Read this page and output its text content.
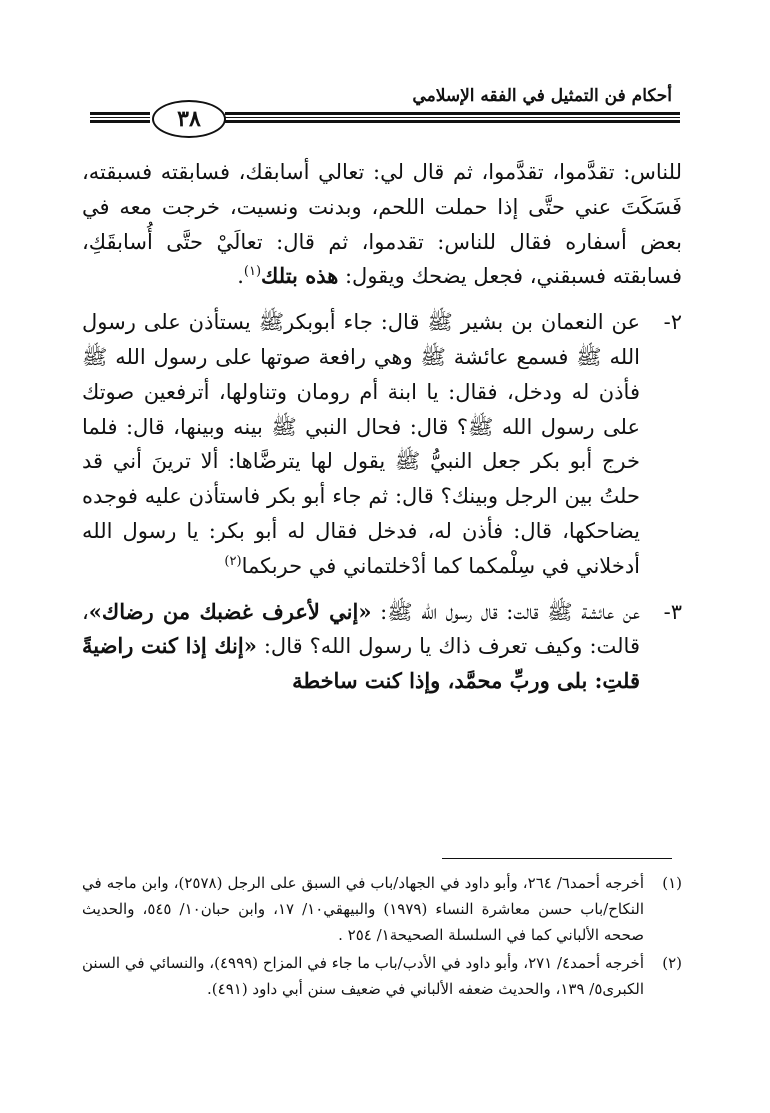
٣٨
أحكام فن التمثيل في الفقه الإسلامي

للناس: تقدَّموا، تقدَّموا، ثم قال لي: تعالي أسابقك، فسابقته فسبقته، فَسَكَتَ عني حتَّى إذا حملت اللحم، وبدنت ونسيت، خرجت معه في بعض أسفاره فقال للناس: تقدموا، ثم قال: تعالَيْ حتَّى أُسابقَكِ، فسابقته فسبقني، فجعل يضحك ويقول: هذه بتلك$^{(١)}$.

٢-
عن النعمان بن بشير ﷺ قال: جاء أبوبكرﷺ يستأذن على رسول الله ﷺ فسمع عائشة ﷺ وهي رافعة صوتها على رسول الله ﷺ فأذن له ودخل، فقال: يا ابنة أم رومان وتناولها، أترفعين صوتك على رسول الله ﷺ؟ قال: فحال النبي ﷺ بينه وبينها، قال: فلما خرج أبو بكر جعل النبيُّ ﷺ يقول لها يترضَّاها: ألا ترينَ أني قد حلتُ بين الرجل وبينك؟ قال: ثم جاء أبو بكر فاستأذن عليه فوجده يضاحكها، قال: فأذن له، فدخل فقال له أبو بكر: يا رسول الله أدخلاني في سِلْمكما كما أدْخلتماني في حربكما$^{(٢)}$
٣-
عن عائشة ﷺ قالت: قال رسول الله ﷺ: «إني لأعرف غضبك من رضاك»، قالت: وكيف تعرف ذاك يا رسول الله؟ قال: «إنك إذا كنت راضيةً قلتِ: بلى وربِّ محمَّد، وإذا كنت ساخطة
(١)
أخرجه أحمد٦/ ٢٦٤، وأبو داود في الجهاد/باب في السبق على الرجل (٢٥٧٨)، وابن ماجه في النكاح/باب حسن معاشرة النساء (١٩٧٩) والبيهقي١٠/ ١٧، وابن حبان١٠/ ٥٤٥، والحديث صححه الألباني كما في السلسلة الصحيحة١/ ٢٥٤ .
(٢)
أخرجه أحمد٤/ ٢٧١، وأبو داود في الأدب/باب ما جاء في المزاح (٤٩٩٩)، والنسائي في السنن الكبرى٥/ ١٣٩، والحديث ضعفه الألباني في ضعيف سنن أبي داود (٤٩١).
